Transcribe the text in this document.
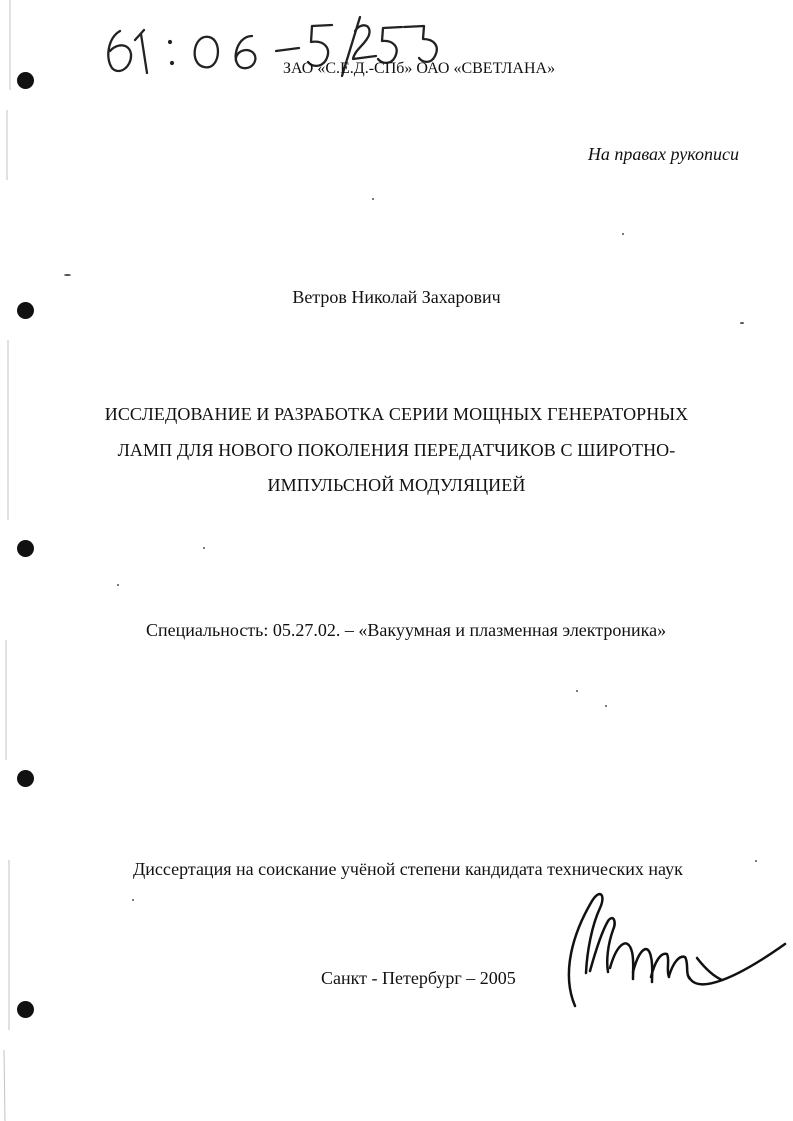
ЗАО «С.Е.Д.-СПб» ОАО «СВЕТЛАНА»
На правах рукописи
Ветров Николай Захарович
ИССЛЕДОВАНИЕ И РАЗРАБОТКА СЕРИИ МОЩНЫХ ГЕНЕРАТОРНЫХ
ЛАМП ДЛЯ НОВОГО ПОКОЛЕНИЯ ПЕРЕДАТЧИКОВ С ШИРОТНО-
ИМПУЛЬСНОЙ МОДУЛЯЦИЕЙ
Специальность: 05.27.02. – «Вакуумная и плазменная электроника»
Диссертация на соискание учёной степени кандидата технических наук
Санкт - Петербург – 2005
